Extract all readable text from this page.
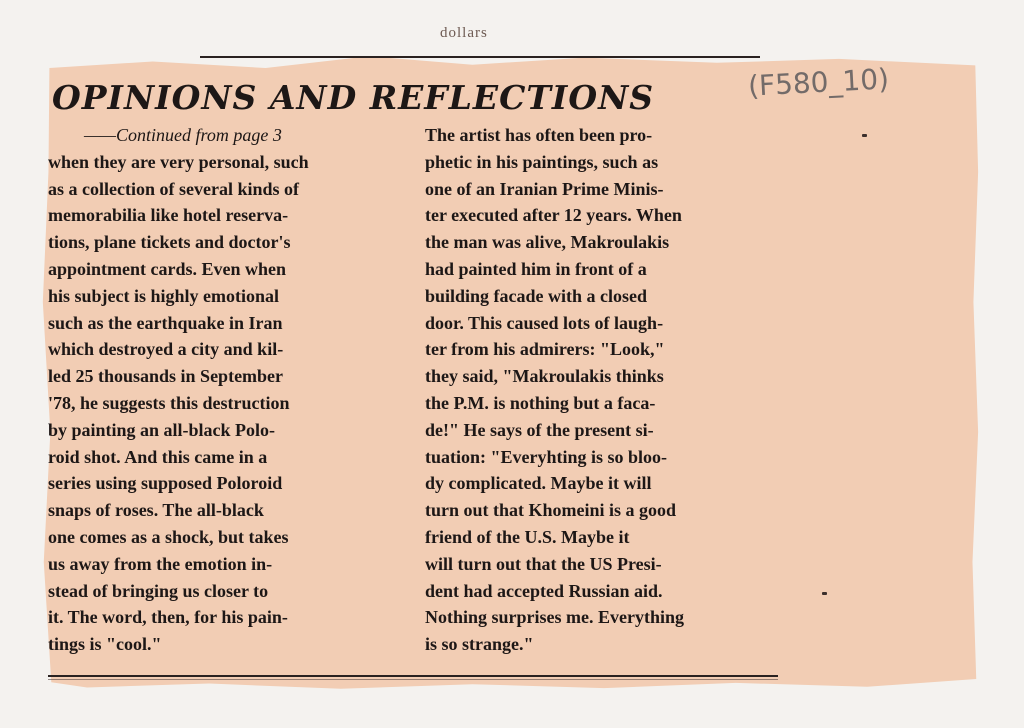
dollars
OPINIONS AND REFLECTIONS	(F580_10)
——Continued from page 3
when they are very personal, such
as a collection of several kinds of
memorabilia like hotel reserva-
tions, plane tickets and doctor's
appointment cards. Even when
his subject is highly emotional
such as the earthquake in Iran
which destroyed a city and kil-
led 25 thousands in September
'78, he suggests this destruction
by painting an all-black Polo-
roid shot. And this came in a
series using supposed Poloroid
snaps of roses. The all-black
one comes as a shock, but takes
us away from the emotion in-
stead of bringing us closer to
it. The word, then, for his pain-
tings is "cool."
The artist has often been pro-
phetic in his paintings, such as
one of an Iranian Prime Minis-
ter executed after 12 years. When
the man was alive, Makroulakis
had painted him in front of a
building facade with a closed
door. This caused lots of laugh-
ter from his admirers: "Look,"
they said, "Makroulakis thinks
the P.M. is nothing but a faca-
de!" He says of the present si-
tuation: "Everyhting is so bloo-
dy complicated. Maybe it will
turn out that Khomeini is a good
friend of the U.S. Maybe it
will turn out that the US Presi-
dent had accepted Russian aid.
Nothing surprises me. Everything
is so strange."
